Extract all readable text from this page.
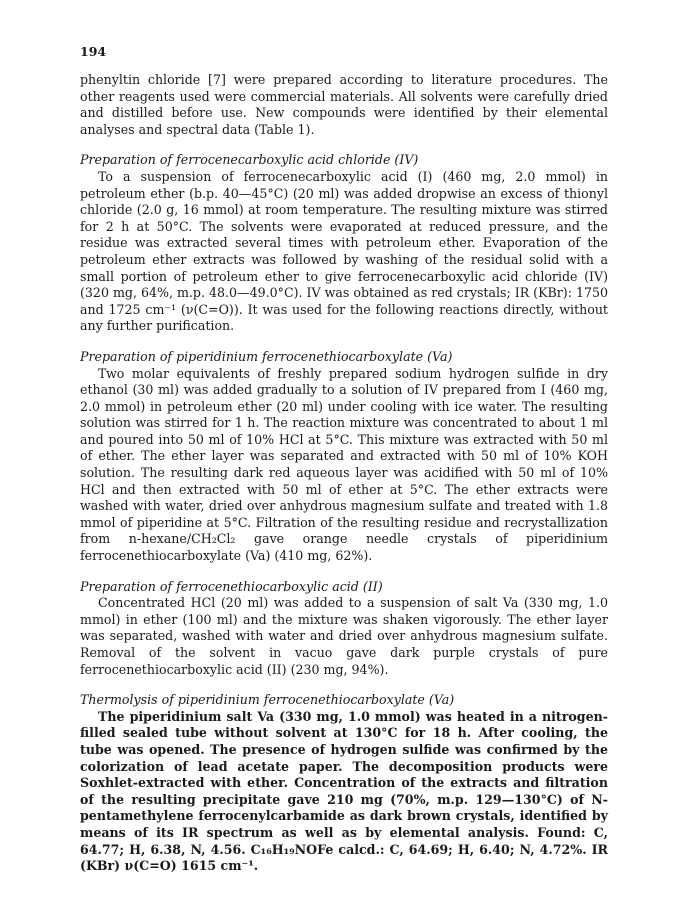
194

phenyltin chloride [7] were prepared according to literature procedures. The other reagents used were commercial materials. All solvents were carefully dried and distilled before use. New compounds were identified by their elemental analyses and spectral data (Table 1).

Preparation of ferrocenecarboxylic acid chloride (IV)

To a suspension of ferrocenecarboxylic acid (I) (460 mg, 2.0 mmol) in petroleum ether (b.p. 40—45°C) (20 ml) was added dropwise an excess of thionyl chloride (2.0 g, 16 mmol) at room temperature. The resulting mixture was stirred for 2 h at 50°C. The solvents were evaporated at reduced pressure, and the residue was extracted several times with petroleum ether. Evaporation of the petroleum ether extracts was followed by washing of the residual solid with a small portion of petroleum ether to give ferrocenecarboxylic acid chloride (IV) (320 mg, 64%, m.p. 48.0—49.0°C). IV was obtained as red crystals; IR (KBr): 1750 and 1725 cm⁻¹ (ν(C=O)). It was used for the following reactions directly, without any further purification.

Preparation of piperidinium ferrocenethiocarboxylate (Va)

Two molar equivalents of freshly prepared sodium hydrogen sulfide in dry ethanol (30 ml) was added gradually to a solution of IV prepared from I (460 mg, 2.0 mmol) in petroleum ether (20 ml) under cooling with ice water. The resulting solution was stirred for 1 h. The reaction mixture was concentrated to about 1 ml and poured into 50 ml of 10% HCl at 5°C. This mixture was extracted with 50 ml of ether. The ether layer was separated and extracted with 50 ml of 10% KOH solution. The resulting dark red aqueous layer was acidified with 50 ml of 10% HCl and then extracted with 50 ml of ether at 5°C. The ether extracts were washed with water, dried over anhydrous magnesium sulfate and treated with 1.8 mmol of piperidine at 5°C. Filtration of the resulting residue and recrystallization from n-hexane/CH₂Cl₂ gave orange needle crystals of piperidinium ferrocenethiocarboxylate (Va) (410 mg, 62%).

Preparation of ferrocenethiocarboxylic acid (II)

Concentrated HCl (20 ml) was added to a suspension of salt Va (330 mg, 1.0 mmol) in ether (100 ml) and the mixture was shaken vigorously. The ether layer was separated, washed with water and dried over anhydrous magnesium sulfate. Removal of the solvent in vacuo gave dark purple crystals of pure ferrocenethiocarboxylic acid (II) (230 mg, 94%).

Thermolysis of piperidinium ferrocenethiocarboxylate (Va)

The piperidinium salt Va (330 mg, 1.0 mmol) was heated in a nitrogen-filled sealed tube without solvent at 130°C for 18 h. After cooling, the tube was opened. The presence of hydrogen sulfide was confirmed by the colorization of lead acetate paper. The decomposition products were Soxhlet-extracted with ether. Concentration of the extracts and filtration of the resulting precipitate gave 210 mg (70%, m.p. 129—130°C) of N-pentamethylene ferrocenylcarbamide as dark brown crystals, identified by means of its IR spectrum as well as by elemental analysis. Found: C, 64.77; H, 6.38, N, 4.56. C₁₆H₁₉NOFe calcd.: C, 64.69; H, 6.40; N, 4.72%. IR (KBr) ν(C=O) 1615 cm⁻¹.
